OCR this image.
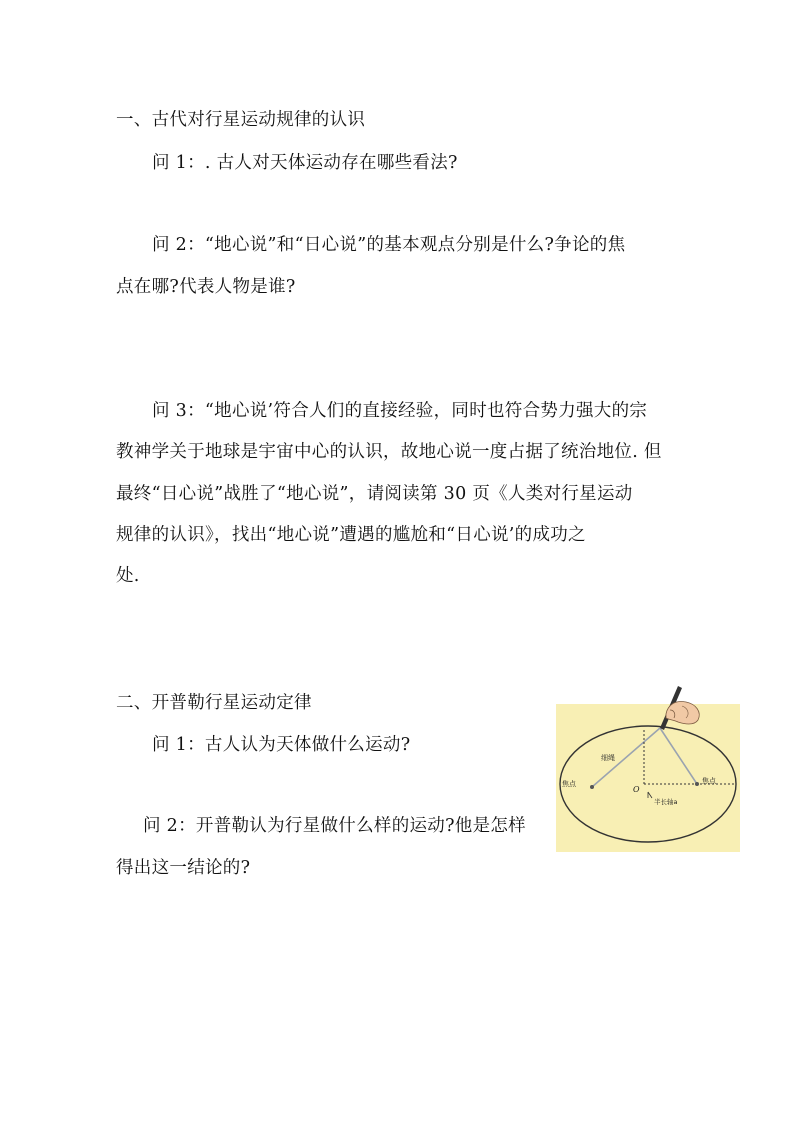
一、古代对行星运动规律的认识
问 1：. 古人对天体运动存在哪些看法?
问 2：“地心说”和“日心说”的基本观点分别是什么?争论的焦
点在哪?代表人物是谁?
问 3：“地心说’符合人们的直接经验，同时也符合势力强大的宗
教神学关于地球是宇宙中心的认识，故地心说一度占据了统治地位. 但
最终“日心说”战胜了“地心说”，请阅读第 30 页《人类对行星运动
规律的认识》，找出“地心说”遭遇的尴尬和“日心说’的成功之
处.
二、开普勒行星运动定律
问 1：古人认为天体做什么运动?
问 2：开普勒认为行星做什么样的运动?他是怎样
得出这一结论的?
细绳
焦点	焦点
O
半长轴a
